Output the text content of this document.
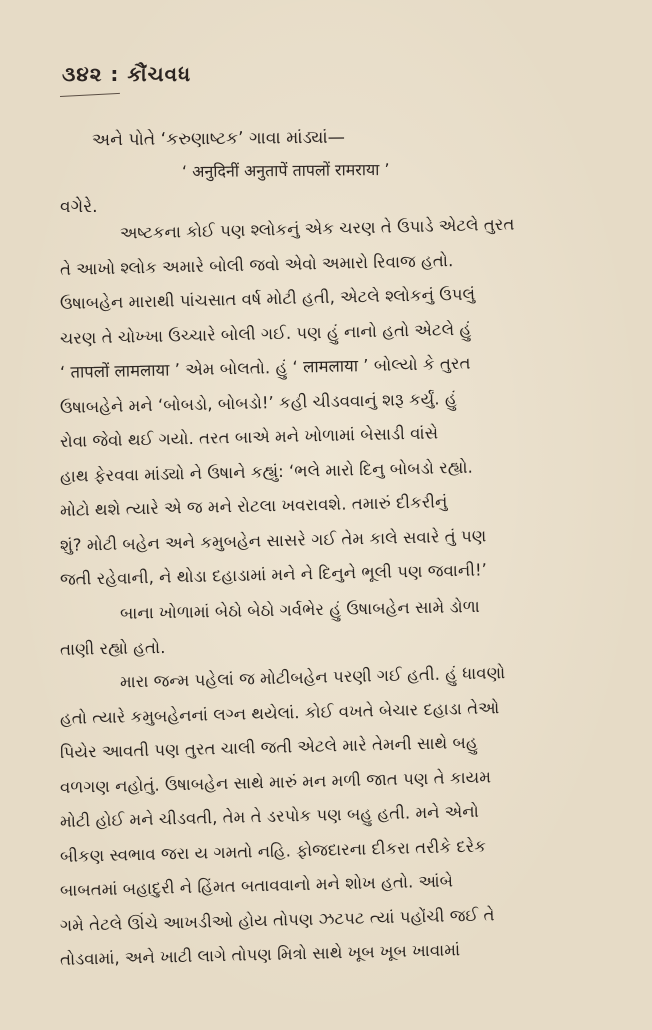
૩૪૨ : કૌંચવધ
અને પોતે ‘કરુણાષ્ટક’ ગાવા માંડ્યાં—
‘ अनुदिनीं अनुतापें तापलों रामराया ’
વગેરે.
અષ્ટકના કોઈ પણ શ્લોકનું એક ચરણ તે ઉપાડે એટલે તુરત
તે આખો શ્લોક અમારે બોલી જવો એવો અમારો રિવાજ હતો.
ઉષાબહેન મારાથી પાંચસાત વર્ષ મોટી હતી, એટલે શ્લોકનું ઉપલું
ચરણ તે ચોખ્ખા ઉચ્ચારે બોલી ગઈ. પણ હું નાનો હતો એટલે હું
‘ तापलों लामलाया ’ એમ બોલતો. હું ‘ लामलाया ’ બોલ્યો કે તુરત
ઉષાબહેને મને ‘બોબડો, બોબડો!’ કહી ચીડવવાનું શરૂ કર્યું. હું
રોવા જેવો થઈ ગયો. તરત બાએ મને ખોળામાં બેસાડી વાંસે
હાથ ફેરવવા માંડ્યો ને ઉષાને કહ્યું: ‘ભલે મારો દિનુ બોબડો રહ્યો.
મોટો થશે ત્યારે એ જ મને રોટલા ખવરાવશે. તમારું દીકરીનું
શું? મોટી બહેન અને કમુબહેન સાસરે ગઈ તેમ કાલે સવારે તું પણ
જતી રહેવાની, ને થોડા દહાડામાં મને ને દિનુને ભૂલી પણ જવાની!’
બાના ખોળામાં બેઠો બેઠો ગર્વભેર હું ઉષાબહેન સામે ડોળા
તાણી રહ્યો હતો.
મારા જન્મ પહેલાં જ મોટીબહેન પરણી ગઈ હતી. હું ધાવણો
હતો ત્યારે કમુબહેનનાં લગ્ન થયેલાં. કોઈ વખતે બેચાર દહાડા તેઓ
પિયેર આવતી પણ તુરત ચાલી જતી એટલે મારે તેમની સાથે બહુ
વળગણ નહોતું. ઉષાબહેન સાથે મારું મન મળી જાત પણ તે કાયમ
મોટી હોઈ મને ચીડવતી, તેમ તે ડરપોક પણ બહુ હતી. મને એનો
બીકણ સ્વભાવ જરા ય ગમતો નહિ. ફોજદારના દીકરા તરીકે દરેક
બાબતમાં બહાદુરી ને હિંમત બતાવવાનો મને શોખ હતો. આંબે
ગમે તેટલે ઊંચે આખડીઓ હોય તોપણ ઝટપટ ત્યાં પહોંચી જઈ તે
તોડવામાં, અને ખાટી લાગે તોપણ મિત્રો સાથે ખૂબ ખૂબ ખાવામાં
